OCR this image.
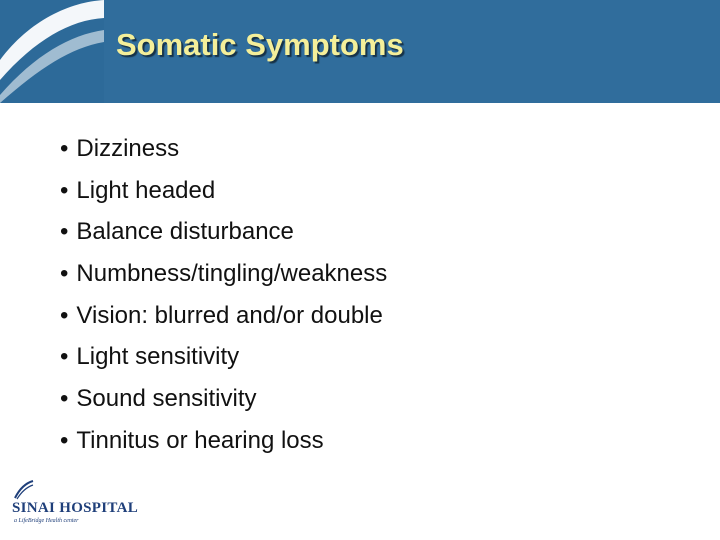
Somatic Symptoms
• Dizziness
• Light headed
• Balance disturbance
• Numbness/tingling/weakness
• Vision: blurred and/or double
• Light sensitivity
• Sound sensitivity
• Tinnitus or hearing loss
SINAI HOSPITAL
a LifeBridge Health center
